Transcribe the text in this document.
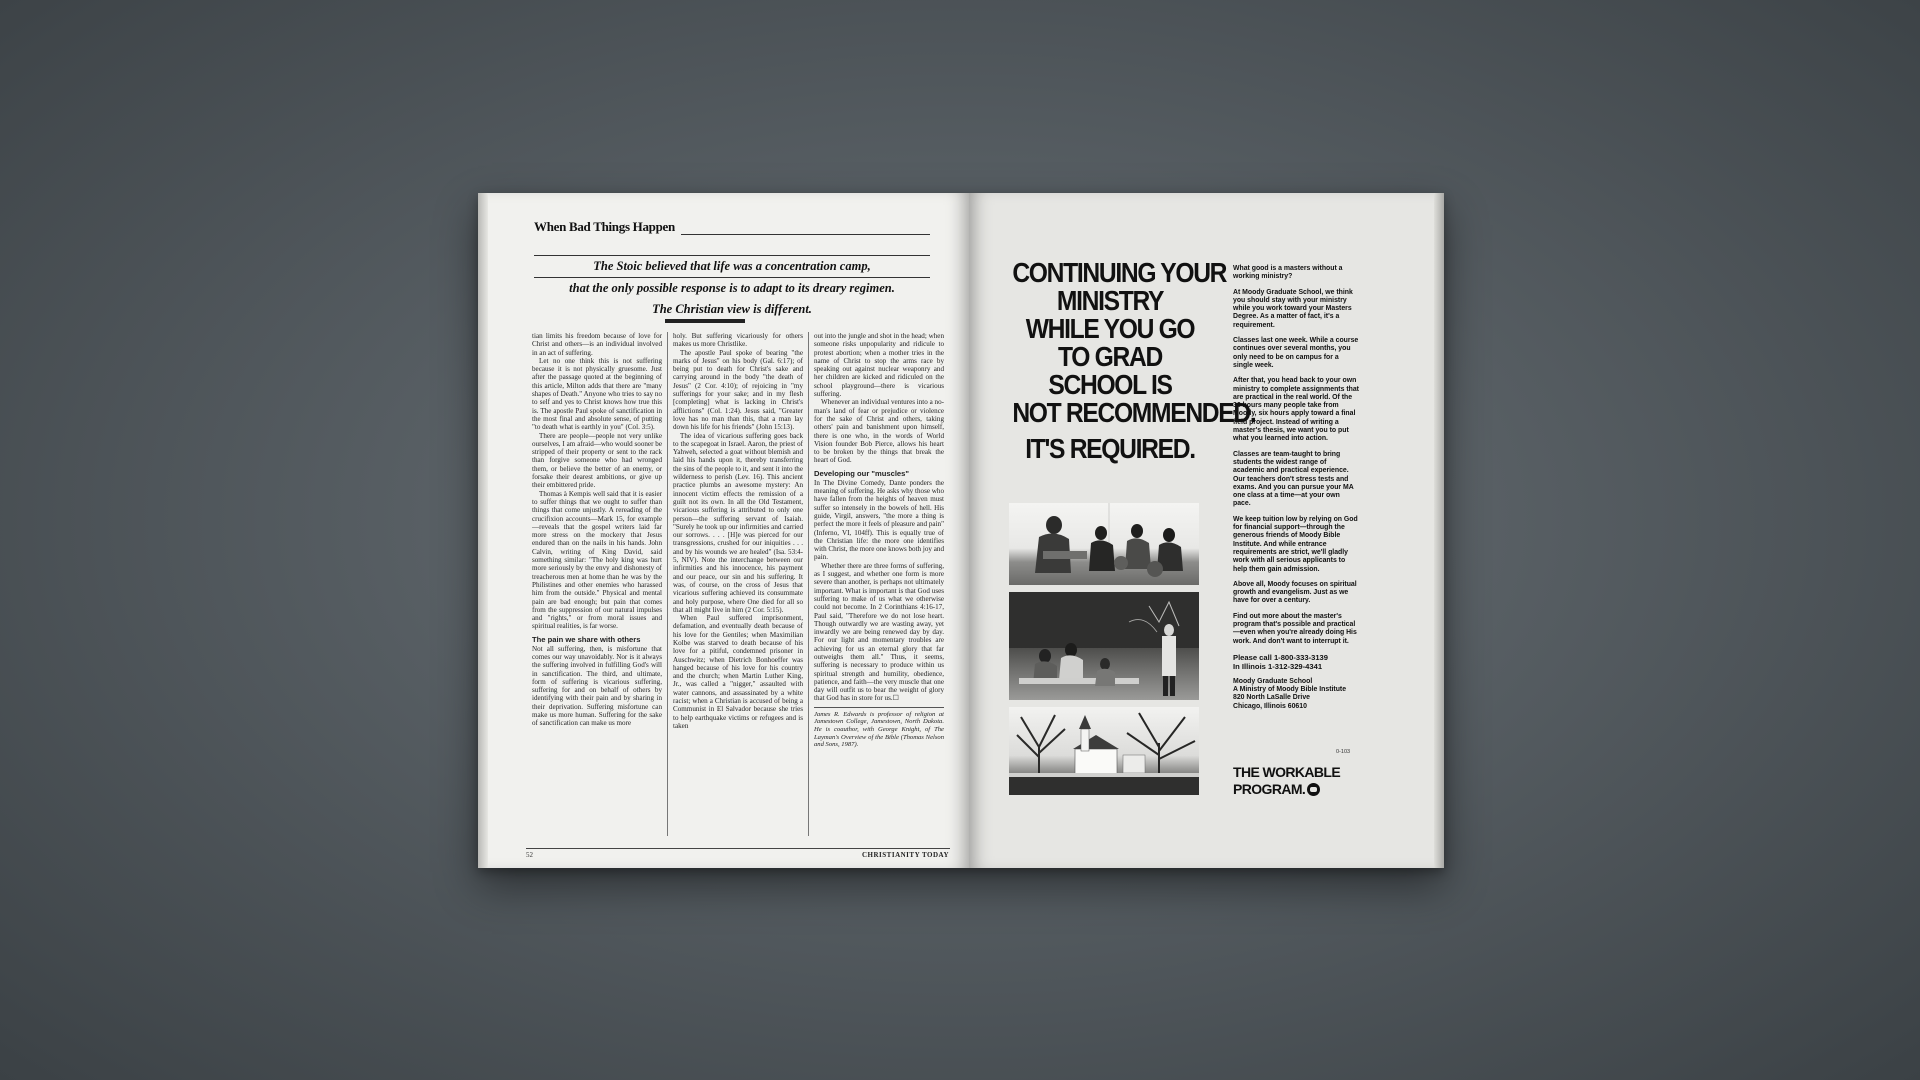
When Bad Things Happen
The Stoic believed that life was a concentration camp,
that the only possible response is to adapt to its dreary regimen.
The Christian view is different.

tian limits his freedom because of love for Christ and others—is an individual involved in an act of suffering.

Let no one think this is not suffering because it is not physically gruesome. Just after the passage quoted at the beginning of this article, Milton adds that there are "many shapes of Death." Anyone who tries to say no to self and yes to Christ knows how true this is. The apostle Paul spoke of sanctification in the most final and absolute sense, of putting "to death what is earthly in you" (Col. 3:5).

There are people—people not very unlike ourselves, I am afraid—who would sooner be stripped of their property or sent to the rack than forgive someone who had wronged them, or believe the better of an enemy, or forsake their dearest ambitions, or give up their embittered pride.

Thomas à Kempis well said that it is easier to suffer things that we ought to suffer than things that come unjustly. A rereading of the crucifixion accounts—Mark 15, for example—reveals that the gospel writers laid far more stress on the mockery that Jesus endured than on the nails in his hands. John Calvin, writing of King David, said something similar: "The holy king was hurt more seriously by the envy and dishonesty of treacherous men at home than he was by the Philistines and other enemies who harassed him from the outside." Physical and mental pain are bad enough; but pain that comes from the suppression of our natural impulses and "rights," or from moral issues and spiritual realities, is far worse.

The pain we share with others

Not all suffering, then, is misfortune that comes our way unavoidably. Nor is it always the suffering involved in fulfilling God's will in sanctification. The third, and ultimate, form of suffering is vicarious suffering, suffering for and on behalf of others by identifying with their pain and by sharing in their deprivation. Suffering misfortune can make us more human. Suffering for the sake of sanctification can make us more

holy. But suffering vicariously for others makes us more Christlike.

The apostle Paul spoke of bearing "the marks of Jesus" on his body (Gal. 6:17); of being put to death for Christ's sake and carrying around in the body "the death of Jesus" (2 Cor. 4:10); of rejoicing in "my sufferings for your sake; and in my flesh [completing] what is lacking in Christ's afflictions" (Col. 1:24). Jesus said, "Greater love has no man than this, that a man lay down his life for his friends" (John 15:13).

The idea of vicarious suffering goes back to the scapegoat in Israel. Aaron, the priest of Yahweh, selected a goat without blemish and laid his hands upon it, thereby transferring the sins of the people to it, and sent it into the wilderness to perish (Lev. 16). This ancient practice plumbs an awesome mystery: An innocent victim effects the remission of a guilt not its own. In all the Old Testament, vicarious suffering is attributed to only one person—the suffering servant of Isaiah. "Surely he took up our infirmities and carried our sorrows. . . . [H]e was pierced for our transgressions, crushed for our iniquities . . . and by his wounds we are healed" (Isa. 53:4-5, NIV). Note the interchange between our infirmities and his innocence, his payment and our peace, our sin and his suffering. It was, of course, on the cross of Jesus that vicarious suffering achieved its consummate and holy purpose, where One died for all so that all might live in him (2 Cor. 5:15).

When Paul suffered imprisonment, defamation, and eventually death because of his love for the Gentiles; when Maximilian Kolbe was starved to death because of his love for a pitiful, condemned prisoner in Auschwitz; when Dietrich Bonhoeffer was hanged because of his love for his country and the church; when Martin Luther King, Jr., was called a "nigger," assaulted with water cannons, and assassinated by a white racist; when a Christian is accused of being a Communist in El Salvador because she tries to help earthquake victims or refugees and is taken

out into the jungle and shot in the head; when someone risks unpopularity and ridicule to protest abortion; when a mother tries in the name of Christ to stop the arms race by speaking out against nuclear weaponry and her children are kicked and ridiculed on the school playground—there is vicarious suffering.

Whenever an individual ventures into a no-man's land of fear or prejudice or violence for the sake of Christ and others, taking others' pain and banishment upon himself, there is one who, in the words of World Vision founder Bob Pierce, allows his heart to be broken by the things that break the heart of God.

Developing our "muscles"

In The Divine Comedy, Dante ponders the meaning of suffering. He asks why those who have fallen from the heights of heaven must suffer so intensely in the bowels of hell. His guide, Virgil, answers, "the more a thing is perfect the more it feels of pleasure and pain" (Inferno, VI, 104ff). This is equally true of the Christian life: the more one identifies with Christ, the more one knows both joy and pain.

Whether there are three forms of suffering, as I suggest, and whether one form is more severe than another, is perhaps not ultimately important. What is important is that God uses suffering to make of us what we otherwise could not become. In 2 Corinthians 4:16-17, Paul said, "Therefore we do not lose heart. Though outwardly we are wasting away, yet inwardly we are being renewed day by day. For our light and momentary troubles are achieving for us an eternal glory that far outweighs them all." Thus, it seems, suffering is necessary to produce within us spiritual strength and humility, obedience, patience, and faith—the very muscle that one day will outfit us to bear the weight of glory that God has in store for us.☐

James R. Edwards is professor of religion at Jamestown College, Jamestown, North Dakota. He is coauthor, with George Knight, of The Layman's Overview of the Bible (Thomas Nelson and Sons, 1987).
52	CHRISTIANITY TODAY
CONTINUING YOUR
MINISTRY
WHILE YOU GO
TO GRAD
SCHOOL IS
NOT RECOMMENDED.
IT'S REQUIRED.

What good is a masters without a working ministry?

At Moody Graduate School, we think you should stay with your ministry while you work toward your Masters Degree. As a matter of fact, it's a requirement.

Classes last one week. While a course continues over several months, you only need to be on campus for a single week.

After that, you head back to your own ministry to complete assignments that are practical in the real world. Of the 36 hours many people take from Moody, six hours apply toward a final field project. Instead of writing a master's thesis, we want you to put what you learned into action.

Classes are team-taught to bring students the widest range of academic and practical experience. Our teachers don't stress tests and exams. And you can pursue your MA one class at a time—at your own pace.

We keep tuition low by relying on God for financial support—through the generous friends of Moody Bible Institute. And while entrance requirements are strict, we'll gladly work with all serious applicants to help them gain admission.

Above all, Moody focuses on spiritual growth and evangelism. Just as we have for over a century.

Find out more about the master's program that's possible and practical—even when you're already doing His work. And don't want to interrupt it.

Please call 1-800-333-3139
In Illinois 1-312-329-4341

Moody Graduate School
A Ministry of Moody Bible Institute
820 North LaSalle Drive
Chicago, Illinois 60610

0-103
THE WORKABLE
PROGRAM.
